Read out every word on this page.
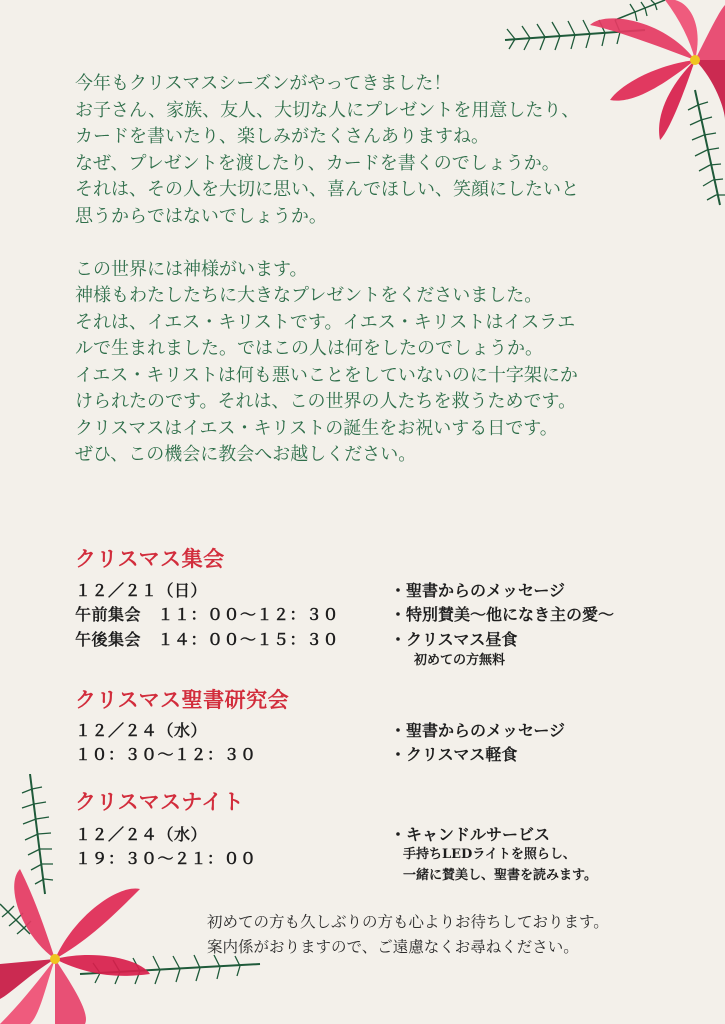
今年もクリスマスシーズンがやってきました！

お子さん、家族、友人、大切な人にプレゼントを用意したり、

カードを書いたり、楽しみがたくさんありますね。

なぜ、プレゼントを渡したり、カードを書くのでしょうか。

それは、その人を大切に思い、喜んでほしい、笑顔にしたいと

思うからではないでしょうか。

この世界には神様がいます。

神様もわたしたちに大きなプレゼントをくださいました。

それは、イエス・キリストです。イエス・キリストはイスラエ

ルで生まれました。ではこの人は何をしたのでしょうか。

イエス・キリストは何も悪いことをしていないのに十字架にか

けられたのです。それは、この世界の人たちを救うためです。

クリスマスはイエス・キリストの誕生をお祝いする日です。

ぜひ、この機会に教会へお越しください。

クリスマス集会
１２／２１（日）
午前集会　１１：００〜１２：３０
午後集会　１４：００〜１５：３０
・聖書からのメッセージ
・特別賛美〜他になき主の愛〜
・クリスマス昼食
初めての方無料
クリスマス聖書研究会
１２／２４（水）
１０：３０〜１２：３０
・聖書からのメッセージ
・クリスマス軽食
クリスマスナイト
１２／２４（水）
１９：３０〜２１：００
・キャンドルサービス
手持ちLEDライトを照らし、
一緒に賛美し、聖書を読みます。

初めての方も久しぶりの方も心よりお待ちしております。

案内係がおりますので、ご遠慮なくお尋ねください。
